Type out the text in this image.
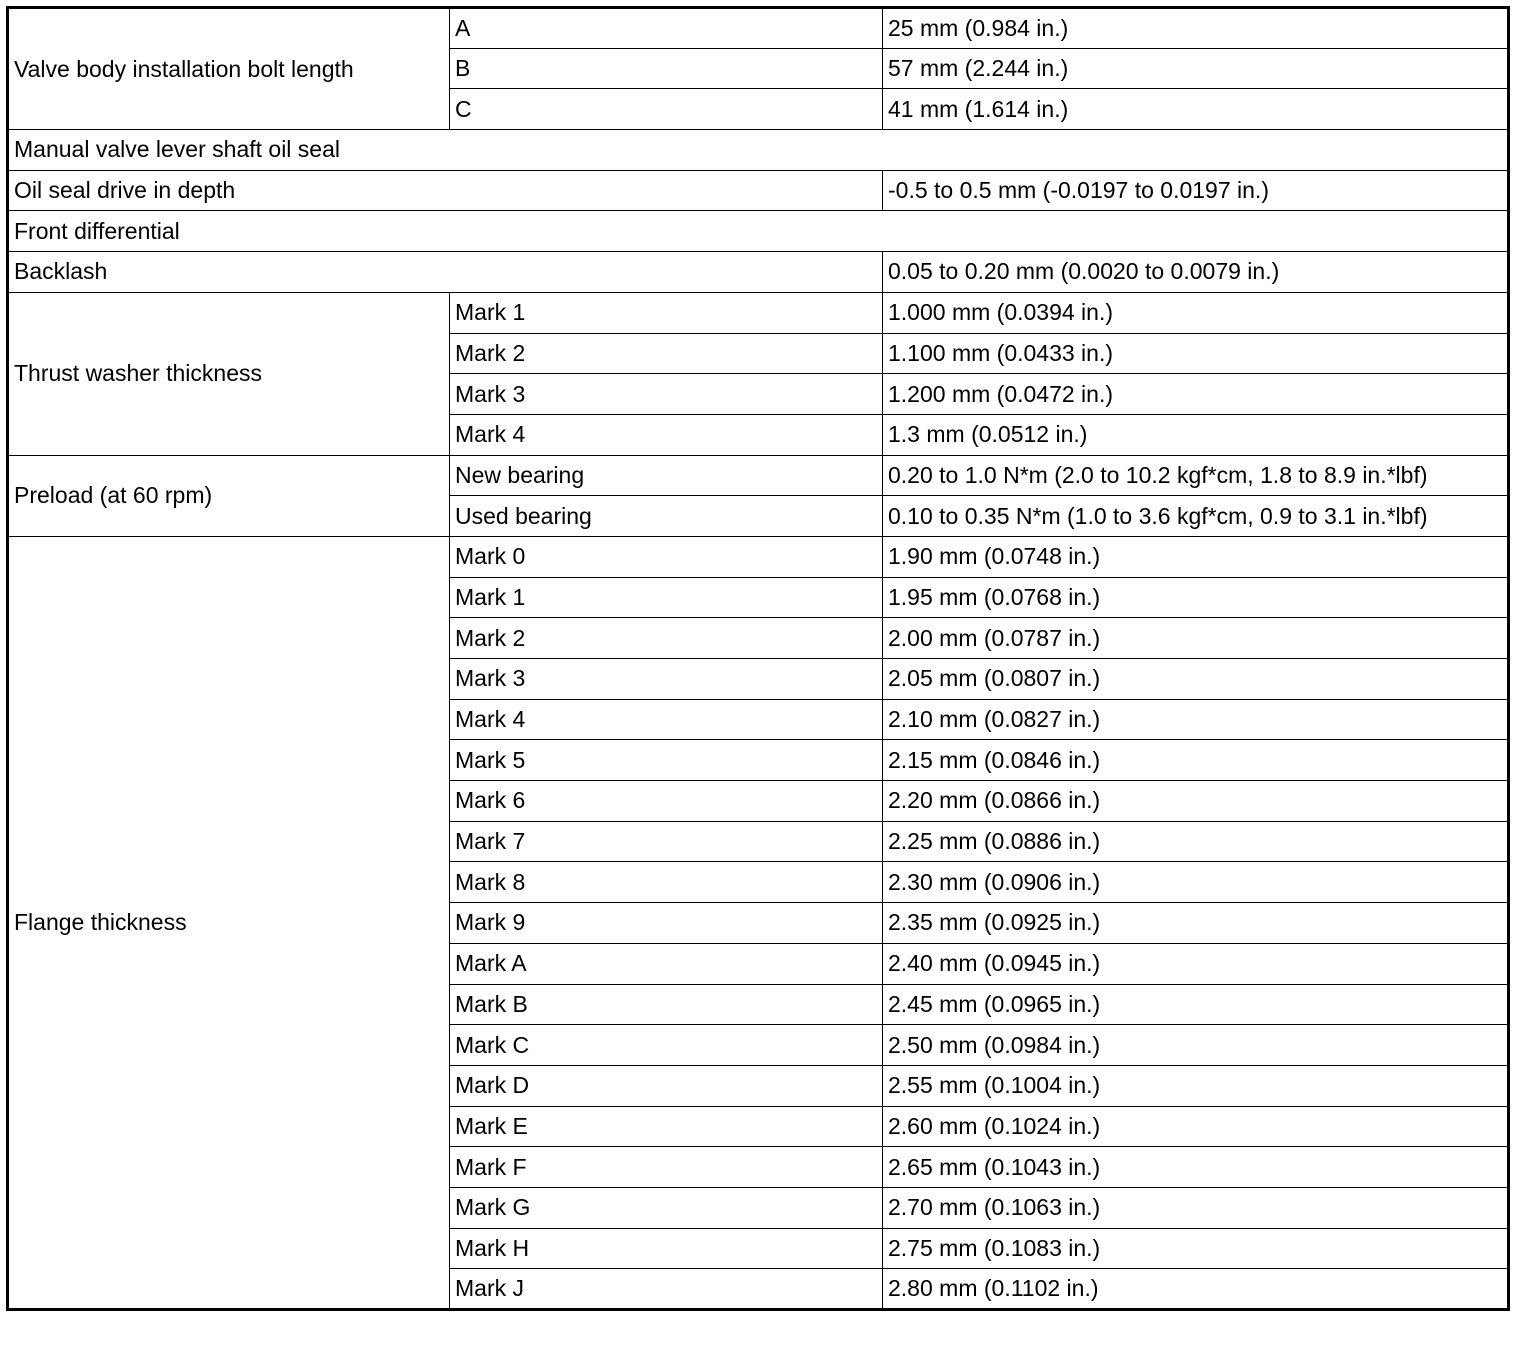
Valve body installation bolt length	A	25 mm (0.984 in.)
	B	57 mm (2.244 in.)
	C	41 mm (1.614 in.)
Manual valve lever shaft oil seal		
Oil seal drive in depth		-0.5 to 0.5 mm (-0.0197 to 0.0197 in.)
Front differential		
Backlash		0.05 to 0.20 mm (0.0020 to 0.0079 in.)
Thrust washer thickness	Mark 1	1.000 mm (0.0394 in.)
	Mark 2	1.100 mm (0.0433 in.)
	Mark 3	1.200 mm (0.0472 in.)
	Mark 4	1.3 mm (0.0512 in.)
Preload (at 60 rpm)	New bearing	0.20 to 1.0 N*m (2.0 to 10.2 kgf*cm, 1.8 to 8.9 in.*lbf)
	Used bearing	0.10 to 0.35 N*m (1.0 to 3.6 kgf*cm, 0.9 to 3.1 in.*lbf)
Flange thickness	Mark 0	1.90 mm (0.0748 in.)
	Mark 1	1.95 mm (0.0768 in.)
	Mark 2	2.00 mm (0.0787 in.)
	Mark 3	2.05 mm (0.0807 in.)
	Mark 4	2.10 mm (0.0827 in.)
	Mark 5	2.15 mm (0.0846 in.)
	Mark 6	2.20 mm (0.0866 in.)
	Mark 7	2.25 mm (0.0886 in.)
	Mark 8	2.30 mm (0.0906 in.)
	Mark 9	2.35 mm (0.0925 in.)
	Mark A	2.40 mm (0.0945 in.)
	Mark B	2.45 mm (0.0965 in.)
	Mark C	2.50 mm (0.0984 in.)
	Mark D	2.55 mm (0.1004 in.)
	Mark E	2.60 mm (0.1024 in.)
	Mark F	2.65 mm (0.1043 in.)
	Mark G	2.70 mm (0.1063 in.)
	Mark H	2.75 mm (0.1083 in.)
	Mark J	2.80 mm (0.1102 in.)
